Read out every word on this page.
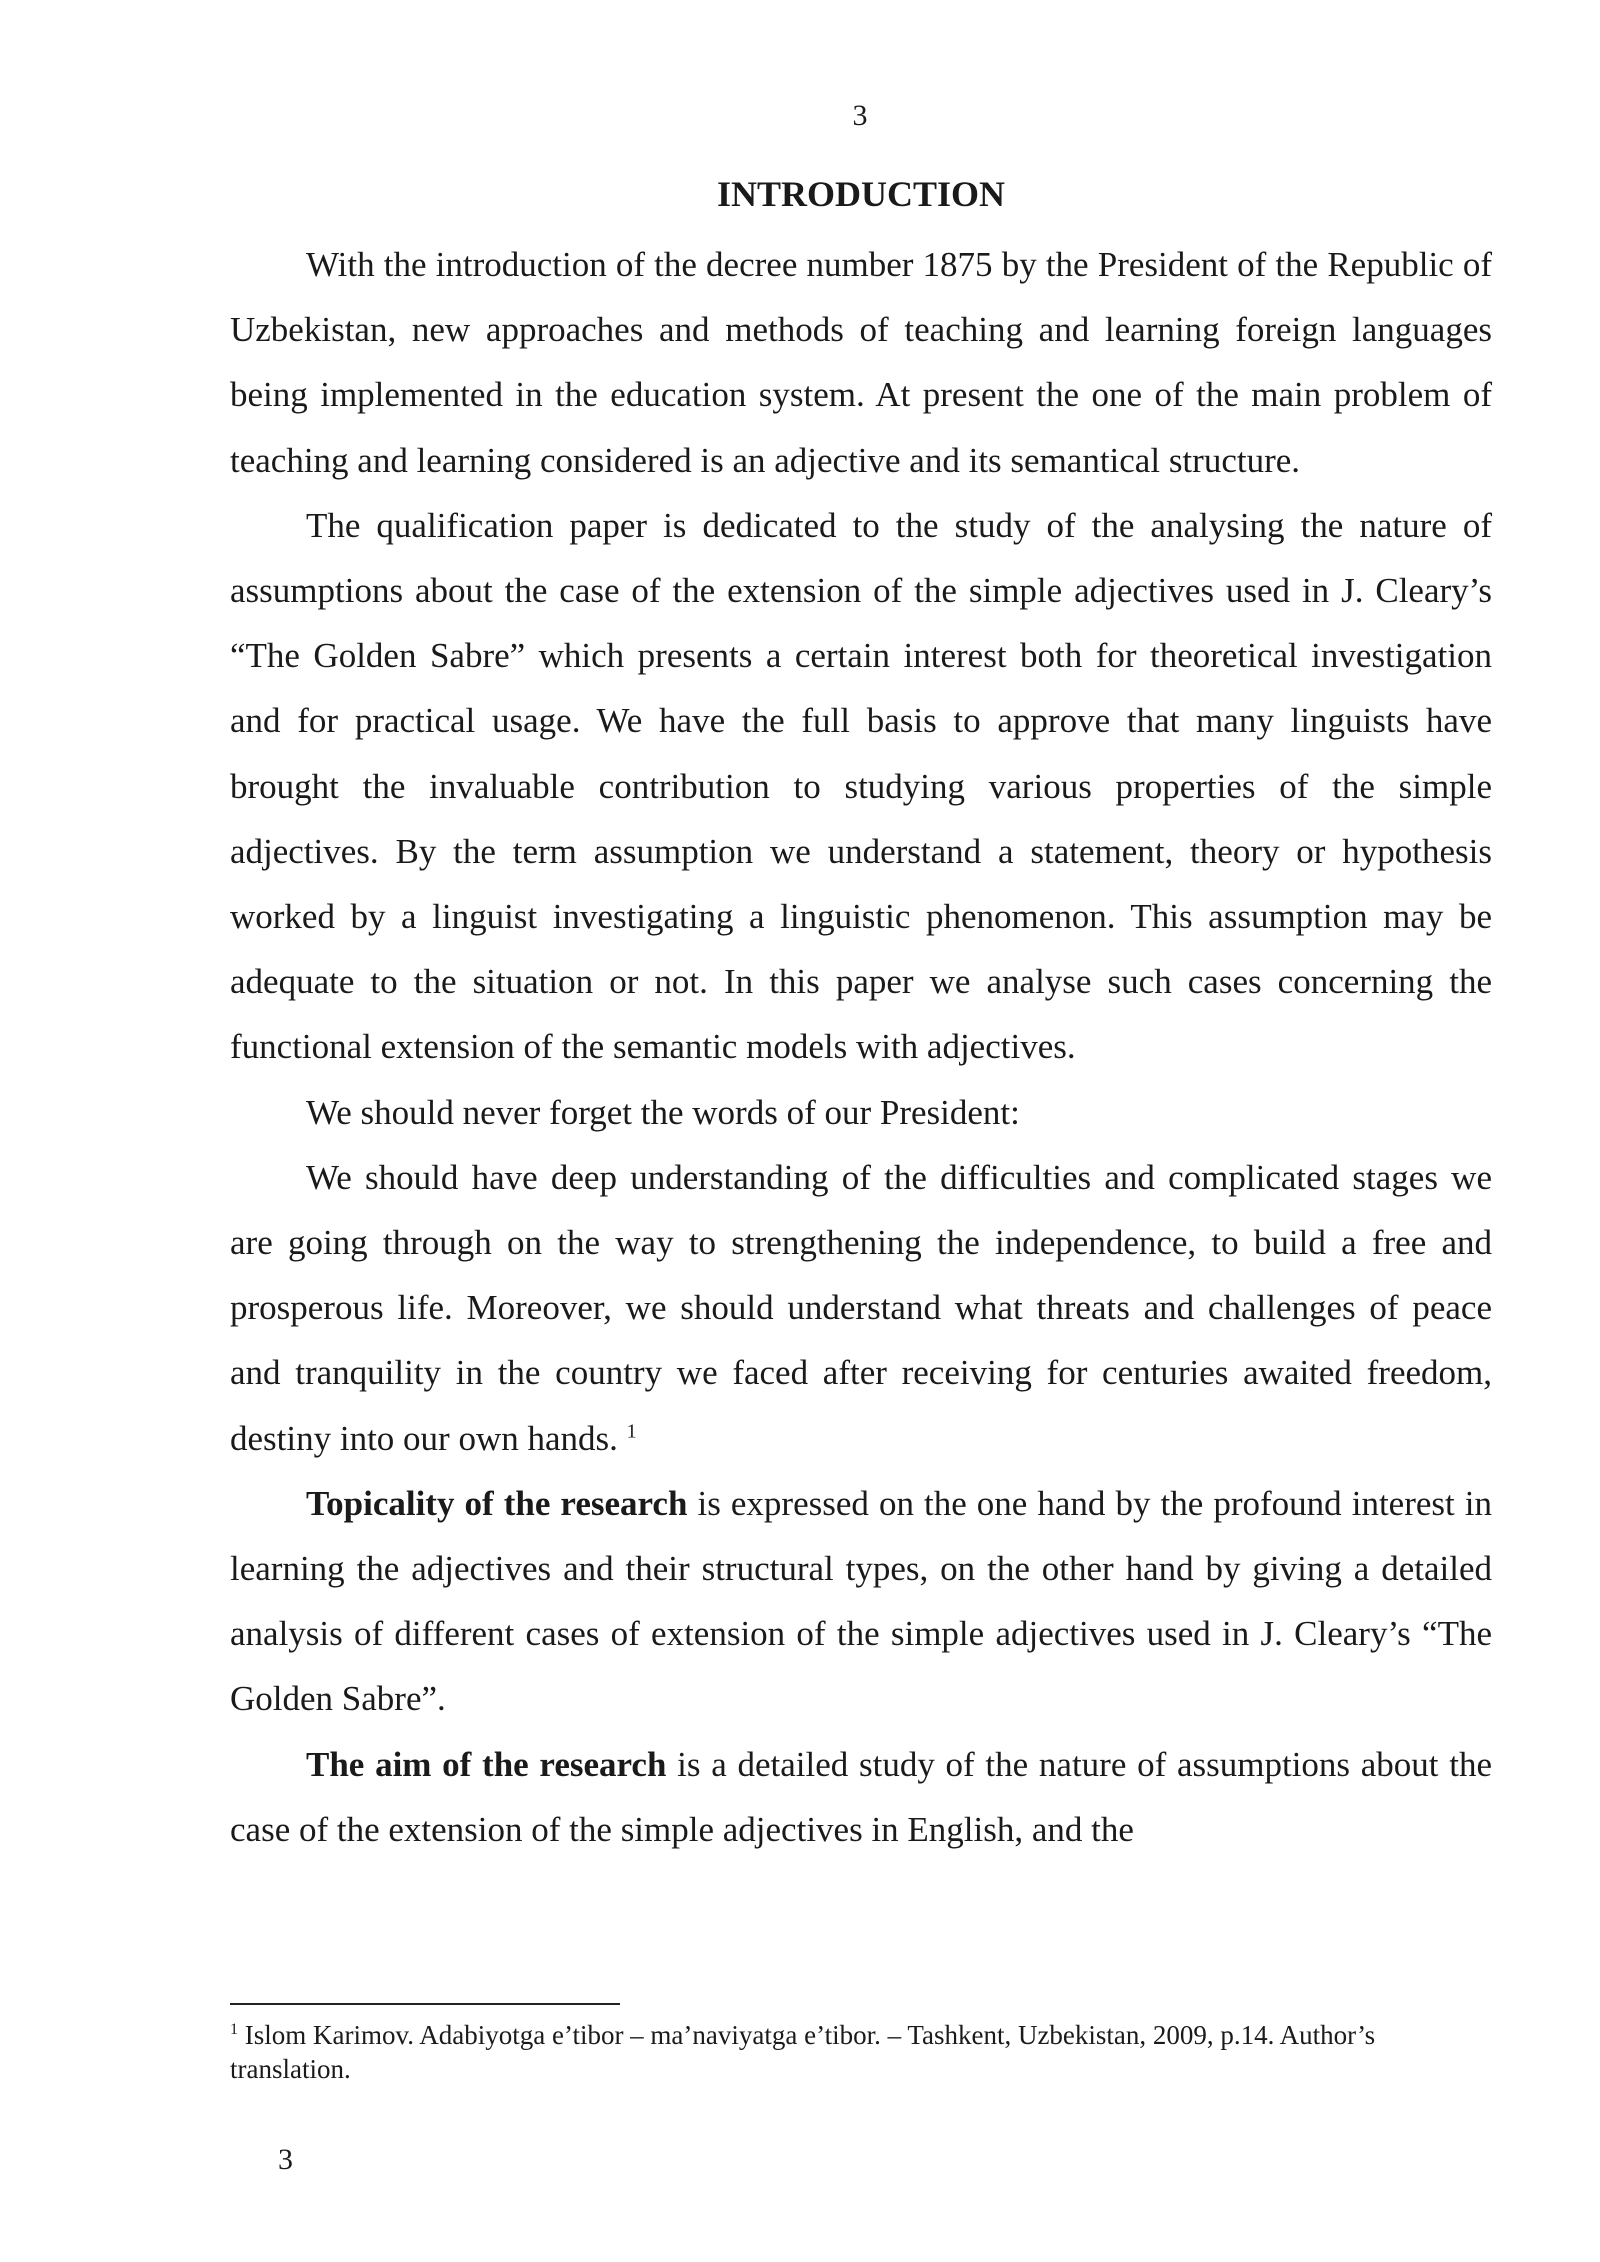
3
INTRODUCTION

With the introduction of the decree number 1875 by the President of the Republic of Uzbekistan, new approaches and methods of teaching and learning foreign languages being implemented in the education system. At present the one of the main problem of teaching and learning considered is an adjective and its semantical structure.

The qualification paper is dedicated to the study of the analysing the nature of assumptions about the case of the extension of the simple adjectives used in J. Cleary’s “The Golden Sabre” which presents a certain interest both for theoretical investigation and for practical usage. We have the full basis to approve that many linguists have brought the invaluable contribution to studying various properties of the simple adjectives. By the term assumption we understand a statement, theory or hypothesis worked by a linguist investigating a linguistic phenomenon. This assumption may be adequate to the situation or not. In this paper we analyse such cases concerning the functional extension of the semantic models with adjectives.

We should never forget the words of our President:

We should have deep understanding of the difficulties and complicated stages we are going through on the way to strengthening the independence, to build a free and prosperous life. Moreover, we should understand what threats and challenges of peace and tranquility in the country we faced after receiving for centuries awaited freedom, destiny into our own hands. $^1$

Topicality of the research is expressed on the one hand by the profound interest in learning the adjectives and their structural types, on the other hand by giving a detailed analysis of different cases of extension of the simple adjectives used in J. Cleary’s “The Golden Sabre”.

The aim of the research is a detailed study of the nature of assumptions about the case of the extension of the simple adjectives in English, and the

$^1$ Islom Karimov. Adabiyotga e’tibor – ma’naviyatga e’tibor. – Tashkent, Uzbekistan, 2009, p.14. Author’s translation.
3
